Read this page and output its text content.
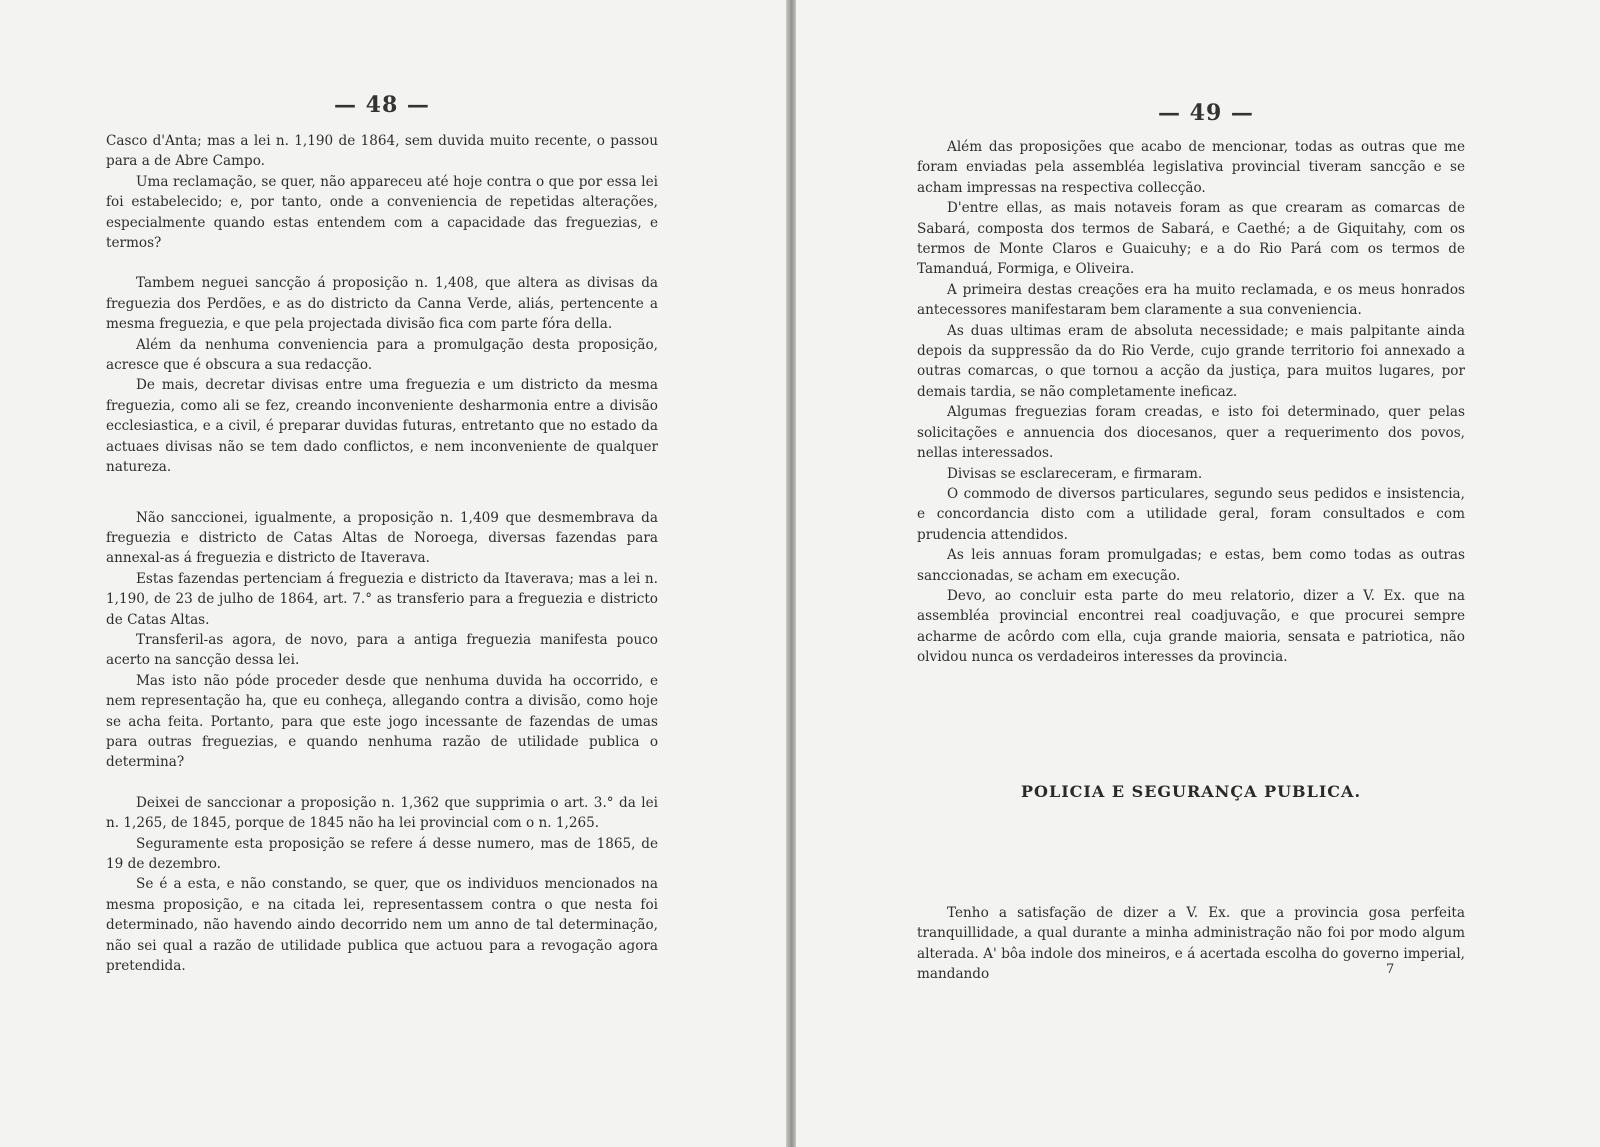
— 48 —

Casco d'Anta; mas a lei n. 1,190 de 1864, sem duvida muito recente, o passou para a de Abre Campo.

Uma reclamação, se quer, não appareceu até hoje contra o que por essa lei foi estabelecido; e, por tanto, onde a conveniencia de repetidas alterações, especialmente quando estas entendem com a capacidade das freguezias, e termos?

Tambem neguei sancção á proposição n. 1,408, que altera as divisas da freguezia dos Perdões, e as do districto da Canna Verde, aliás, pertencente a mesma freguezia, e que pela projectada divisão fica com parte fóra della.

Além da nenhuma conveniencia para a promulgação desta proposição, acresce que é obscura a sua redacção.

De mais, decretar divisas entre uma freguezia e um districto da mesma freguezia, como ali se fez, creando inconveniente desharmonia entre a divisão ecclesiastica, e a civil, é preparar duvidas futuras, entretanto que no estado da actuaes divisas não se tem dado conflictos, e nem inconveniente de qualquer natureza.

Não sanccionei, igualmente, a proposição n. 1,409 que desmembrava da freguezia e districto de Catas Altas de Noroega, diversas fazendas para annexal-as á freguezia e districto de Itaverava.

Estas fazendas pertenciam á freguezia e districto da Itaverava; mas a lei n. 1,190, de 23 de julho de 1864, art. 7.° as transferio para a freguezia e districto de Catas Altas.

Transferil-as agora, de novo, para a antiga freguezia manifesta pouco acerto na sancção dessa lei.

Mas isto não póde proceder desde que nenhuma duvida ha occorrido, e nem representação ha, que eu conheça, allegando contra a divisão, como hoje se acha feita. Portanto, para que este jogo incessante de fazendas de umas para outras freguezias, e quando nenhuma razão de utilidade publica o determina?

Deixei de sanccionar a proposição n. 1,362 que supprimia o art. 3.° da lei n. 1,265, de 1845, porque de 1845 não ha lei provincial com o n. 1,265.

Seguramente esta proposição se refere á desse numero, mas de 1865, de 19 de dezembro.

Se é a esta, e não constando, se quer, que os individuos mencionados na mesma proposição, e na citada lei, representassem contra o que nesta foi determinado, não havendo aindo decorrido nem um anno de tal determinação, não sei qual a razão de utilidade publica que actuou para a revogação agora pretendida.

— 49 —

Além das proposições que acabo de mencionar, todas as outras que me foram enviadas pela assembléa legislativa provincial tiveram sancção e se acham impressas na respectiva collecção.

D'entre ellas, as mais notaveis foram as que crearam as comarcas de Sabará, composta dos termos de Sabará, e Caethé; a de Giquitahy, com os termos de Monte Claros e Guaicuhy; e a do Rio Pará com os termos de Tamanduá, Formiga, e Oliveira.

A primeira destas creações era ha muito reclamada, e os meus honrados antecessores manifestaram bem claramente a sua conveniencia.

As duas ultimas eram de absoluta necessidade; e mais palpitante ainda depois da suppressão da do Rio Verde, cujo grande territorio foi annexado a outras comarcas, o que tornou a acção da justiça, para muitos lugares, por demais tardia, se não completamente ineficaz.

Algumas freguezias foram creadas, e isto foi determinado, quer pelas solicitações e annuencia dos diocesanos, quer a requerimento dos povos, nellas interessados.

Divisas se esclareceram, e firmaram.

O commodo de diversos particulares, segundo seus pedidos e insistencia, e concordancia disto com a utilidade geral, foram consultados e com prudencia attendidos.

As leis annuas foram promulgadas; e estas, bem como todas as outras sanccionadas, se acham em execução.

Devo, ao concluir esta parte do meu relatorio, dizer a V. Ex. que na assembléa provincial encontrei real coadjuvação, e que procurei sempre acharme de acôrdo com ella, cuja grande maioria, sensata e patriotica, não olvidou nunca os verdadeiros interesses da provincia.

POLICIA E SEGURANÇA PUBLICA.

Tenho a satisfação de dizer a V. Ex. que a provincia gosa perfeita tranquillidade, a qual durante a minha administração não foi por modo algum alterada. A' bôa indole dos mineiros, e á acertada escolha do governo imperial, mandando	7
